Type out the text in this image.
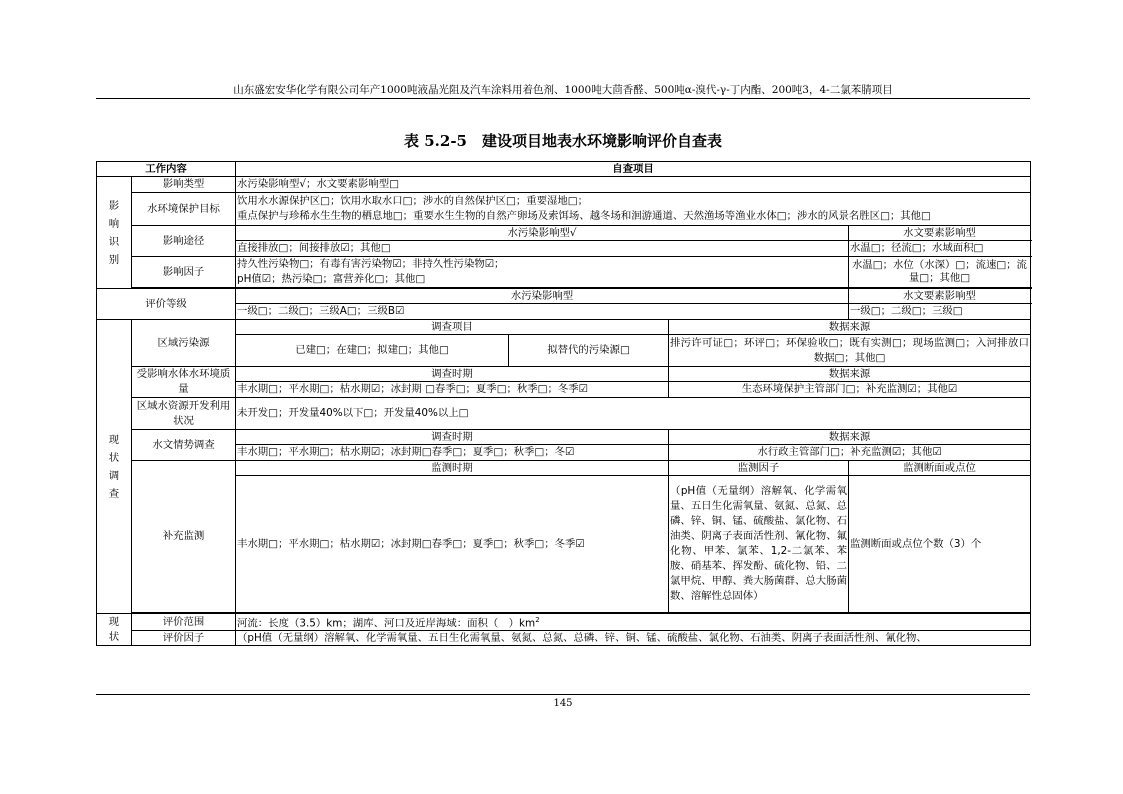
山东盛宏安华化学有限公司年产1000吨液晶光阻及汽车涂料用着色剂、1000吨大茴香醛、500吨α-溴代-γ-丁内酯、200吨3，4-二氯苯腈项目
表 5.2-5　建设项目地表水环境影响评价自查表
工作内容		自查项目			
影响识别	影响类型	水污染影响型√；水文要素影响型□			
	水环境保护目标	饮用水水源保护区□；饮用水取水口□；涉水的自然保护区□；重要湿地□；
重点保护与珍稀水生生物的栖息地□；重要水生生物的自然产卵场及索饵场、越冬场和洄游通道、天然渔场等渔业水体□；涉水的风景名胜区□；其他□			

	影响途径	水污染影响型√			水文要素影响型
		直接排放□；间接排放☑；其他□			水温□；径流□；水域面积□
	影响因子	持久性污染物□；有毒有害污染物☑；非持久性污染物☑；
pH值☑；热污染□；富营养化□；其他□			水温□；水位（水深）□；流速□；流量□；其他□

评价等级		水污染影响型			水文要素影响型
		一级□；二级□；三级A□；三级B☑			一级□；二级□；三级□
现状调查	区域污染源	调查项目		数据来源	
		已建□；在建□；拟建□；其他□	拟替代的污染源□	排污许可证□；环评□；环保验收□；既有实测□；现场监测□；入河排放口数据□；其他□	

	受影响水体水环境质量	调查时期		数据来源	
		丰水期□；平水期□；枯水期☑；冰封期 □春季□；夏季□；秋季□；冬季☑		生态环境保护主管部门□；补充监测☑；其他☑	
	区域水资源开发利用状况	未开发□；开发量40%以下□；开发量40%以上□			
	水文情势调查	调查时期		数据来源	
		丰水期□；平水期□；枯水期☑；冰封期□春季□；夏季□；秋季□；冬☑		水行政主管部门□；补充监测☑；其他☑	
	补充监测	监测时期		监测因子	监测断面或点位
		丰水期□；平水期□；枯水期☑；冰封期□春季□；夏季□；秋季□；冬季☑		（pH值（无量纲）溶解氧、化学需氧量、五日生化需氧量、氨氮、总氮、总磷、锌、铜、锰、硫酸盐、氯化物、石油类、阴离子表面活性剂、氰化物、氟化物、甲苯、氯苯、1,2-二氯苯、苯胺、硝基苯、挥发酚、硫化物、铅、二氯甲烷、甲醇、粪大肠菌群、总大肠菌数、溶解性总固体）	监测断面或点位个数（3）个

现状	评价范围	河流：长度（3.5）km；湖库、河口及近岸海域：面积（　）$km^2$
	评价因子	（pH值（无量纲）溶解氧、化学需氧量、五日生化需氧量、氨氮、总氮、总磷、锌、铜、锰、硫酸盐、氯化物、石油类、阴离子表面活性剂、氰化物、			
145
